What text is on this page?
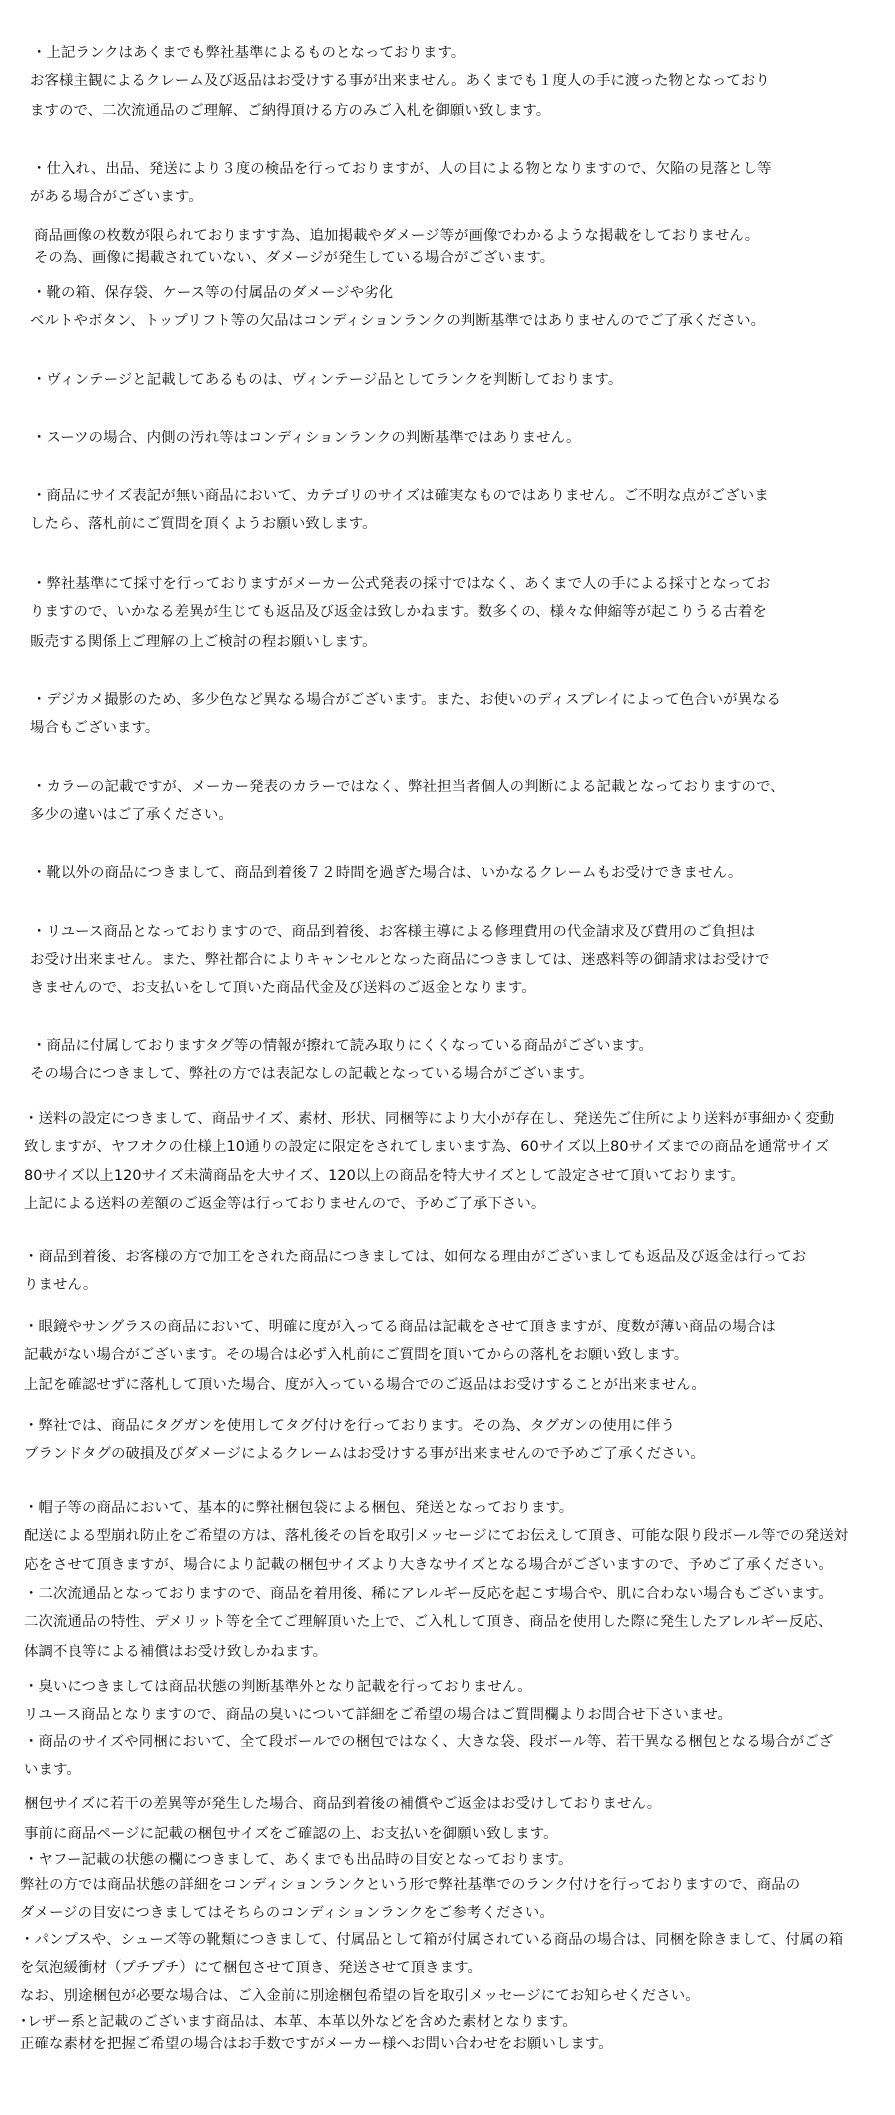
・上記ランクはあくまでも弊社基準によるものとなっております。
お客様主観によるクレーム及び返品はお受けする事が出来ません。あくまでも１度人の手に渡った物となっており
ますので、二次流通品のご理解、ご納得頂ける方のみご入札を御願い致します。
・仕入れ、出品、発送により３度の検品を行っておりますが、人の目による物となりますので、欠陥の見落とし等
がある場合がございます。
商品画像の枚数が限られておりますす為、追加掲載やダメージ等が画像でわかるような掲載をしておりません。
その為、画像に掲載されていない、ダメージが発生している場合がございます。
・靴の箱、保存袋、ケース等の付属品のダメージや劣化
ベルトやボタン、トップリフト等の欠品はコンディションランクの判断基準ではありませんのでご了承ください。
・ヴィンテージと記載してあるものは、ヴィンテージ品としてランクを判断しております。
・スーツの場合、内側の汚れ等はコンディションランクの判断基準ではありません。
・商品にサイズ表記が無い商品において、カテゴリのサイズは確実なものではありません。ご不明な点がございま
したら、落札前にご質問を頂くようお願い致します。
・弊社基準にて採寸を行っておりますがメーカー公式発表の採寸ではなく、あくまで人の手による採寸となってお
りますので、いかなる差異が生じても返品及び返金は致しかねます。数多くの、様々な伸縮等が起こりうる古着を
販売する関係上ご理解の上ご検討の程お願いします。
・デジカメ撮影のため、多少色など異なる場合がございます。また、お使いのディスプレイによって色合いが異なる
場合もございます。
・カラーの記載ですが、メーカー発表のカラーではなく、弊社担当者個人の判断による記載となっておりますので、
多少の違いはご了承ください。
・靴以外の商品につきまして、商品到着後７２時間を過ぎた場合は、いかなるクレームもお受けできません。
・リユース商品となっておりますので、商品到着後、お客様主導による修理費用の代金請求及び費用のご負担は
お受け出来ません。また、弊社都合によりキャンセルとなった商品につきましては、迷惑料等の御請求はお受けで
きませんので、お支払いをして頂いた商品代金及び送料のご返金となります。
・商品に付属しておりますタグ等の情報が擦れて読み取りにくくなっている商品がございます。
その場合につきまして、弊社の方では表記なしの記載となっている場合がございます。
・送料の設定につきまして、商品サイズ、素材、形状、同梱等により大小が存在し、発送先ご住所により送料が事細かく変動
致しますが、ヤフオクの仕様上10通りの設定に限定をされてしまいます為、60サイズ以上80サイズまでの商品を通常サイズ
80サイズ以上120サイズ未満商品を大サイズ、120以上の商品を特大サイズとして設定させて頂いております。
上記による送料の差額のご返金等は行っておりませんので、予めご了承下さい。
・商品到着後、お客様の方で加工をされた商品につきましては、如何なる理由がございましても返品及び返金は行ってお
りません。
・眼鏡やサングラスの商品において、明確に度が入ってる商品は記載をさせて頂きますが、度数が薄い商品の場合は
記載がない場合がございます。その場合は必ず入札前にご質問を頂いてからの落札をお願い致します。
上記を確認せずに落札して頂いた場合、度が入っている場合でのご返品はお受けすることが出来ません。
・弊社では、商品にタグガンを使用してタグ付けを行っております。その為、タグガンの使用に伴う
ブランドタグの破損及びダメージによるクレームはお受けする事が出来ませんので予めご了承ください。
・帽子等の商品において、基本的に弊社梱包袋による梱包、発送となっております。
配送による型崩れ防止をご希望の方は、落札後その旨を取引メッセージにてお伝えして頂き、可能な限り段ボール等での発送対
応をさせて頂きますが、場合により記載の梱包サイズより大きなサイズとなる場合がございますので、予めご了承ください。
・二次流通品となっておりますので、商品を着用後、稀にアレルギー反応を起こす場合や、肌に合わない場合もございます。
二次流通品の特性、デメリット等を全てご理解頂いた上で、ご入札して頂き、商品を使用した際に発生したアレルギー反応、
体調不良等による補償はお受け致しかねます。
・臭いにつきましては商品状態の判断基準外となり記載を行っておりません。
リユース商品となりますので、商品の臭いについて詳細をご希望の場合はご質問欄よりお問合せ下さいませ。
・商品のサイズや同梱において、全て段ボールでの梱包ではなく、大きな袋、段ボール等、若干異なる梱包となる場合がござ
います。
梱包サイズに若干の差異等が発生した場合、商品到着後の補償やご返金はお受けしておりません。
事前に商品ページに記載の梱包サイズをご確認の上、お支払いを御願い致します。
・ヤフー記載の状態の欄につきまして、あくまでも出品時の目安となっております。
弊社の方では商品状態の詳細をコンディションランクという形で弊社基準でのランク付けを行っておりますので、商品の
ダメージの目安につきましてはそちらのコンディションランクをご参考ください。
・パンプスや、シューズ等の靴類につきまして、付属品として箱が付属されている商品の場合は、同梱を除きまして、付属の箱
を気泡緩衝材（プチプチ）にて梱包させて頂き、発送させて頂きます。
なお、別途梱包が必要な場合は、ご入金前に別途梱包希望の旨を取引メッセージにてお知らせください。
･レザー系と記載のございます商品は、本革、本革以外などを含めた素材となります。
正確な素材を把握ご希望の場合はお手数ですがメーカー様へお問い合わせをお願いします。
